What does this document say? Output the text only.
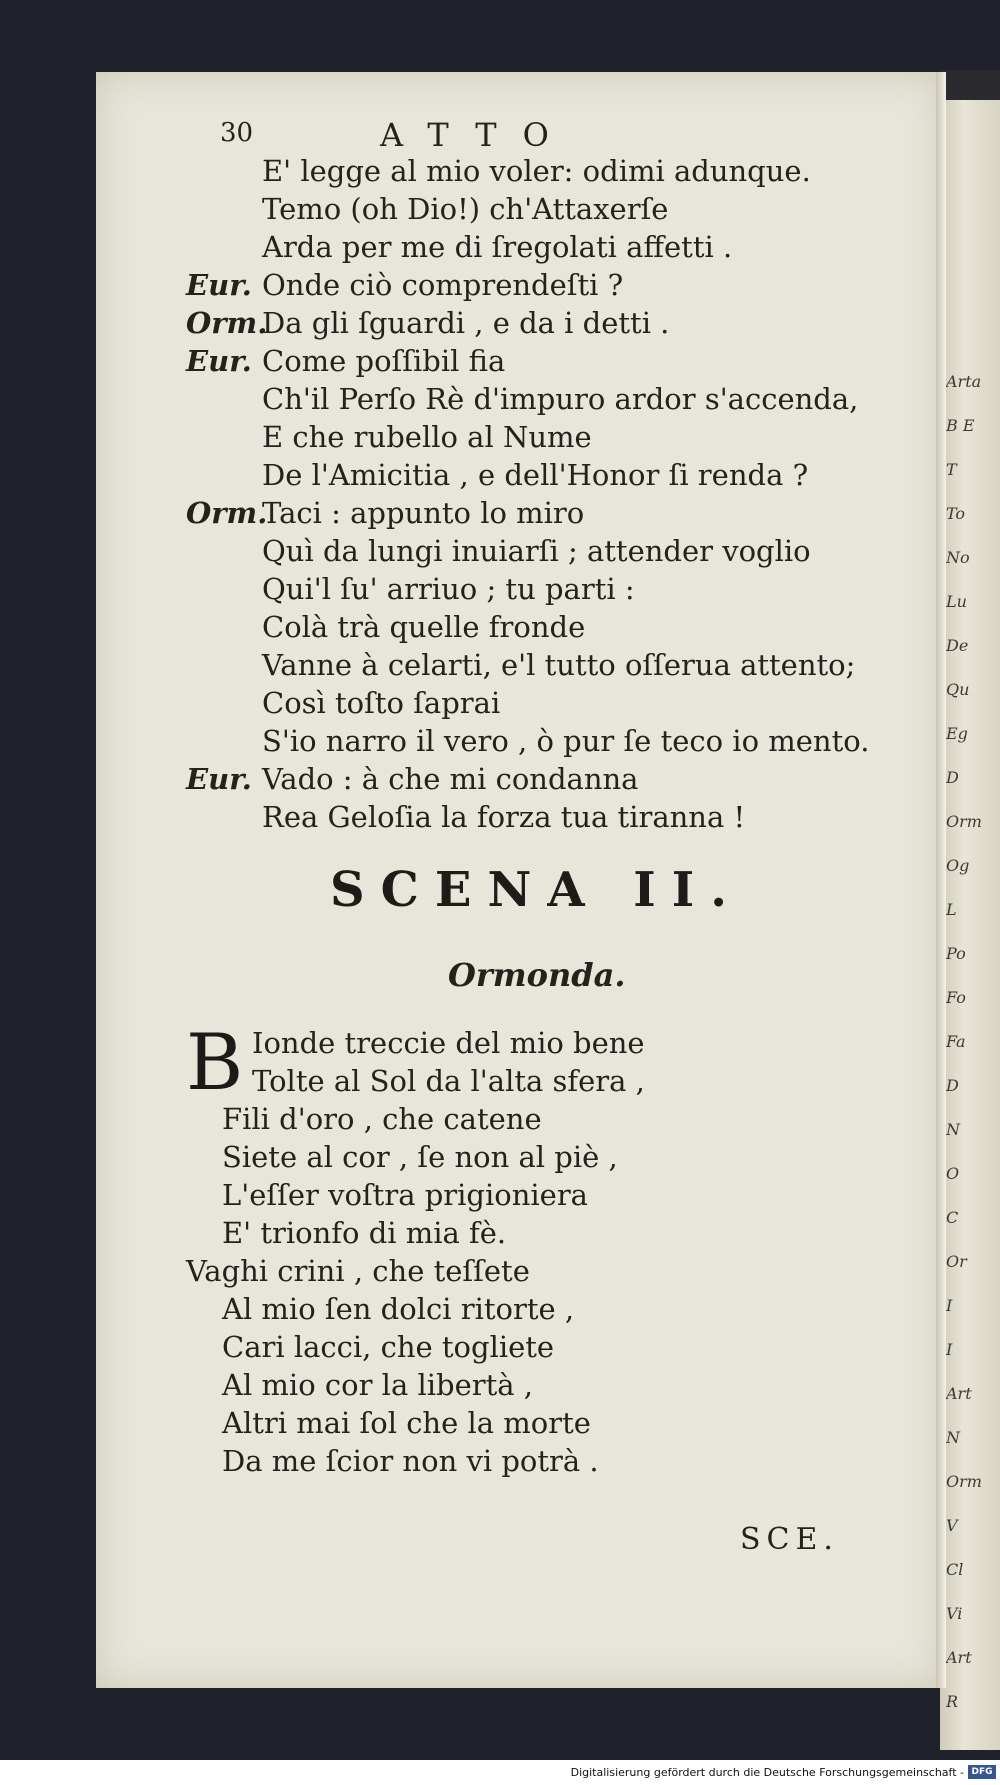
Arta
B E
T
To
No
Lu
De
Qu
Eg
D
Orm
Og
L
Po
Fo
Fa
D
N
O
C
Or
I
I
Art
N
Orm
V
Cl
Vi
Art
R
30	ATTO
E' legge al mio voler: odimi adunque.
Temo (oh Dio!) ch'Attaxerſe
Arda per me di ſregolati affetti .
Eur. Onde ciò comprendeſti ?
Orm.Da gli ſguardi , e da i detti .
Eur. Come poſſibil fia
Ch'il Perſo Rè d'impuro ardor s'accenda,
E che rubello al Nume
De l'Amicitia , e dell'Honor ſi renda ?
Orm.Taci : appunto lo miro
Quì da lungi inuiarſi ; attender voglio
Qui'l ſu' arriuo ; tu parti :
Colà trà quelle fronde
Vanne à celarti, e'l tutto oſſerua attento;
Così toſto ſaprai
S'io narro il vero , ò pur ſe teco io mento.
Eur. Vado : à che mi condanna
Rea Geloſia la forza tua tiranna !
SCENA II.
Ormonda.
B Ionde treccie del mio bene
Tolte al Sol da l'alta sfera ,
Fili d'oro , che catene
Siete al cor , ſe non al piè ,
L'eſſer voſtra prigioniera
E' trionfo di mia fè.
Vaghi crini , che teſſete
Al mio ſen dolci ritorte ,
Cari lacci, che togliete
Al mio cor la libertà ,
Altri mai ſol che la morte
Da me ſcior non vi potrà .
SCE.
Digitalisierung gefördert durch die Deutsche Forschungsgemeinschaft - DFG
